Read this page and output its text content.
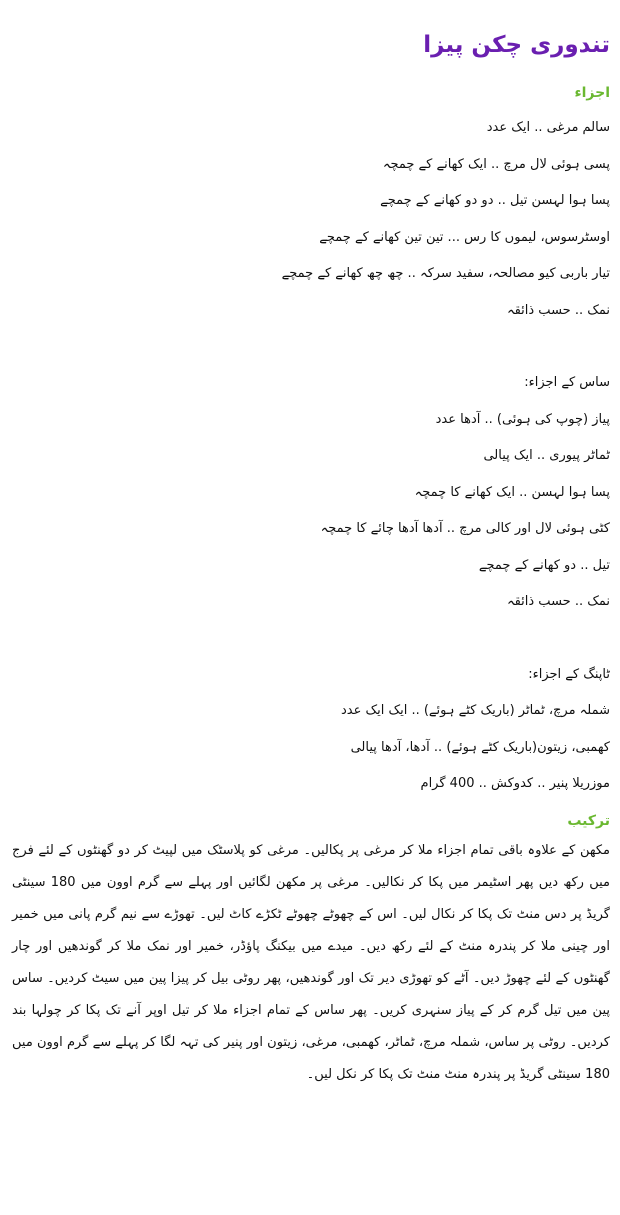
تندوری چکن پیزا
اجزاء
سالم مرغی .. ایک عدد
پسی ہوئی لال مرچ .. ایک کھانے کے چمچہ
پسا ہوا لہسن تیل .. دو دو کھانے کے چمچے
اوسٹرسوس، لیموں کا رس ... تین تین کھانے کے چمچے
تیار باربی کیو مصالحہ، سفید سرکہ .. چھ چھ کھانے کے چمچے
نمک .. حسب ذائقہ
ساس کے اجزاء:
پیاز (چوپ کی ہوئی) .. آدھا عدد
ٹماٹر پیوری .. ایک پیالی
پسا ہوا لہسن .. ایک کھانے کا چمچہ
کٹی ہوئی لال اور کالی مرچ .. آدھا آدھا چائے کا چمچہ
تیل .. دو کھانے کے چمچے
نمک .. حسب ذائقہ
ٹاپنگ کے اجزاء:
شملہ مرچ، ٹماٹر (باریک کٹے ہوئے) .. ایک ایک عدد
کھمبی، زیتون(باریک کٹے ہوئے) .. آدھا، آدھا پیالی
موزریلا پنیر .. کدوکش .. 400 گرام
ترکیب

مکھن کے علاوہ باقی تمام اجزاء ملا کر مرغی پر پکالیں۔ مرغی کو پلاسٹک میں لپیٹ کر دو گھنٹوں کے لئے فرج میں رکھ دیں پھر اسٹیمر میں پکا کر نکالیں۔ مرغی پر مکھن لگائیں اور پہلے سے گرم اوون میں 180 سینٹی گریڈ پر دس منٹ تک پکا کر نکال لیں۔ اس کے چھوٹے چھوٹے ٹکڑے کاٹ لیں۔ تھوڑے سے نیم گرم پانی میں خمیر اور چینی ملا کر پندرہ منٹ کے لئے رکھ دیں۔ میدے میں بیکنگ پاؤڈر، خمیر اور نمک ملا کر گوندھیں اور چار گھنٹوں کے لئے چھوڑ دیں۔ آٹے کو تھوڑی دیر تک اور گوندھیں، پھر روٹی بیل کر پیزا پین میں سیٹ کردیں۔ ساس پین میں تیل گرم کر کے پیاز سنہری کریں۔ پھر ساس کے تمام اجزاء ملا کر تیل اوپر آنے تک پکا کر چولہا بند کردیں۔ روٹی پر ساس، شملہ مرچ، ٹماٹر، کھمبی، مرغی، زیتون اور پنیر کی تہہ لگا کر پہلے سے گرم اوون میں 180 سینٹی گریڈ پر پندرہ منٹ منٹ تک پکا کر نکل لیں۔
